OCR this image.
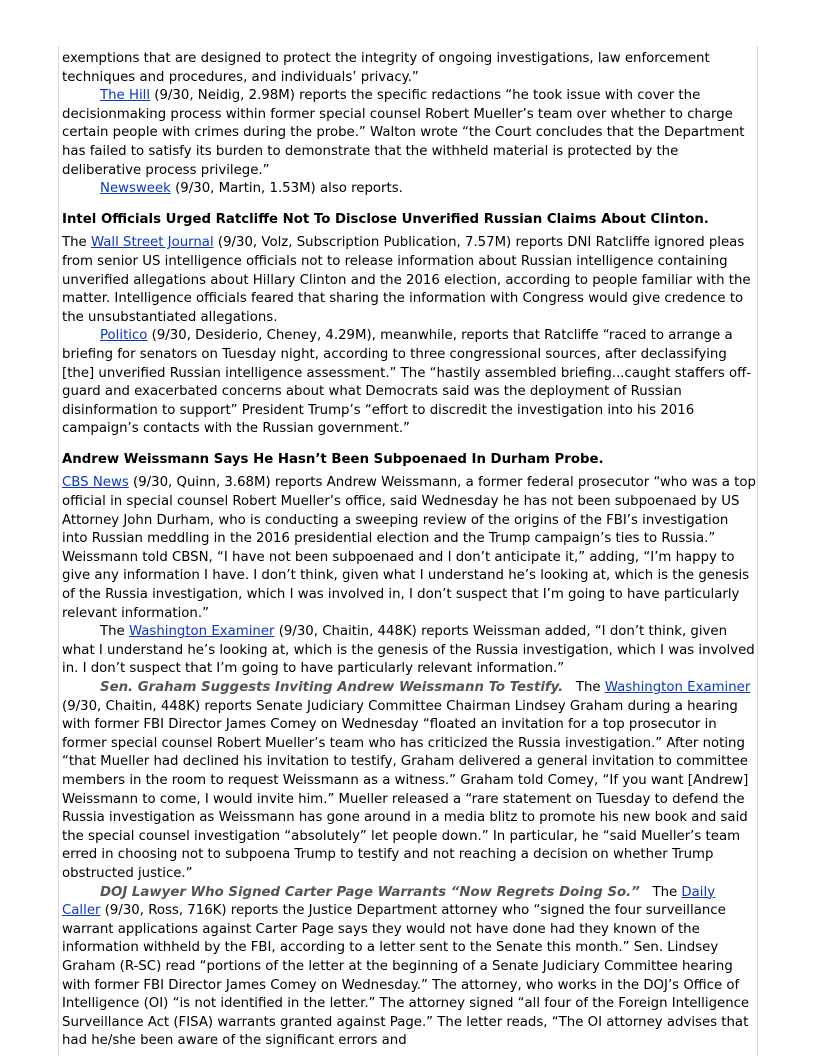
exemptions that are designed to protect the integrity of ongoing investigations, law enforcement techniques and procedures, and individuals’ privacy.”

The Hill (9/30, Neidig, 2.98M) reports the specific redactions “he took issue with cover the decisionmaking process within former special counsel Robert Mueller’s team over whether to charge certain people with crimes during the probe.” Walton wrote “the Court concludes that the Department has failed to satisfy its burden to demonstrate that the withheld material is protected by the deliberative process privilege.”

Newsweek (9/30, Martin, 1.53M) also reports.

Intel Officials Urged Ratcliffe Not To Disclose Unverified Russian Claims About Clinton.

The Wall Street Journal (9/30, Volz, Subscription Publication, 7.57M) reports DNI Ratcliffe ignored pleas from senior US intelligence officials not to release information about Russian intelligence containing unverified allegations about Hillary Clinton and the 2016 election, according to people familiar with the matter. Intelligence officials feared that sharing the information with Congress would give credence to the unsubstantiated allegations.

Politico (9/30, Desiderio, Cheney, 4.29M), meanwhile, reports that Ratcliffe “raced to arrange a briefing for senators on Tuesday night, according to three congressional sources, after declassifying [the] unverified Russian intelligence assessment.” The “hastily assembled briefing...caught staffers off-guard and exacerbated concerns about what Democrats said was the deployment of Russian disinformation to support” President Trump’s “effort to discredit the investigation into his 2016 campaign’s contacts with the Russian government.”

Andrew Weissmann Says He Hasn’t Been Subpoenaed In Durham Probe.

CBS News (9/30, Quinn, 3.68M) reports Andrew Weissmann, a former federal prosecutor “who was a top official in special counsel Robert Mueller’s office, said Wednesday he has not been subpoenaed by US Attorney John Durham, who is conducting a sweeping review of the origins of the FBI’s investigation into Russian meddling in the 2016 presidential election and the Trump campaign’s ties to Russia.” Weissmann told CBSN, “I have not been subpoenaed and I don’t anticipate it,” adding, “I’m happy to give any information I have. I don’t think, given what I understand he’s looking at, which is the genesis of the Russia investigation, which I was involved in, I don’t suspect that I’m going to have particularly relevant information.”

The Washington Examiner (9/30, Chaitin, 448K) reports Weissman added, “I don’t think, given what I understand he’s looking at, which is the genesis of the Russia investigation, which I was involved in. I don’t suspect that I’m going to have particularly relevant information.”

Sen. Graham Suggests Inviting Andrew Weissmann To Testify.   The Washington Examiner (9/30, Chaitin, 448K) reports Senate Judiciary Committee Chairman Lindsey Graham during a hearing with former FBI Director James Comey on Wednesday “floated an invitation for a top prosecutor in former special counsel Robert Mueller’s team who has criticized the Russia investigation.” After noting “that Mueller had declined his invitation to testify, Graham delivered a general invitation to committee members in the room to request Weissmann as a witness.” Graham told Comey, “If you want [Andrew] Weissmann to come, I would invite him.” Mueller released a “rare statement on Tuesday to defend the Russia investigation as Weissmann has gone around in a media blitz to promote his new book and said the special counsel investigation “absolutely” let people down.” In particular, he “said Mueller’s team erred in choosing not to subpoena Trump to testify and not reaching a decision on whether Trump obstructed justice.”

DOJ Lawyer Who Signed Carter Page Warrants “Now Regrets Doing So.”   The Daily Caller (9/30, Ross, 716K) reports the Justice Department attorney who “signed the four surveillance warrant applications against Carter Page says they would not have done had they known of the information withheld by the FBI, according to a letter sent to the Senate this month.” Sen. Lindsey Graham (R-SC) read “portions of the letter at the beginning of a Senate Judiciary Committee hearing with former FBI Director James Comey on Wednesday.” The attorney, who works in the DOJ’s Office of Intelligence (OI) “is not identified in the letter.” The attorney signed “all four of the Foreign Intelligence Surveillance Act (FISA) warrants granted against Page.” The letter reads, “The OI attorney advises that had he/she been aware of the significant errors and
